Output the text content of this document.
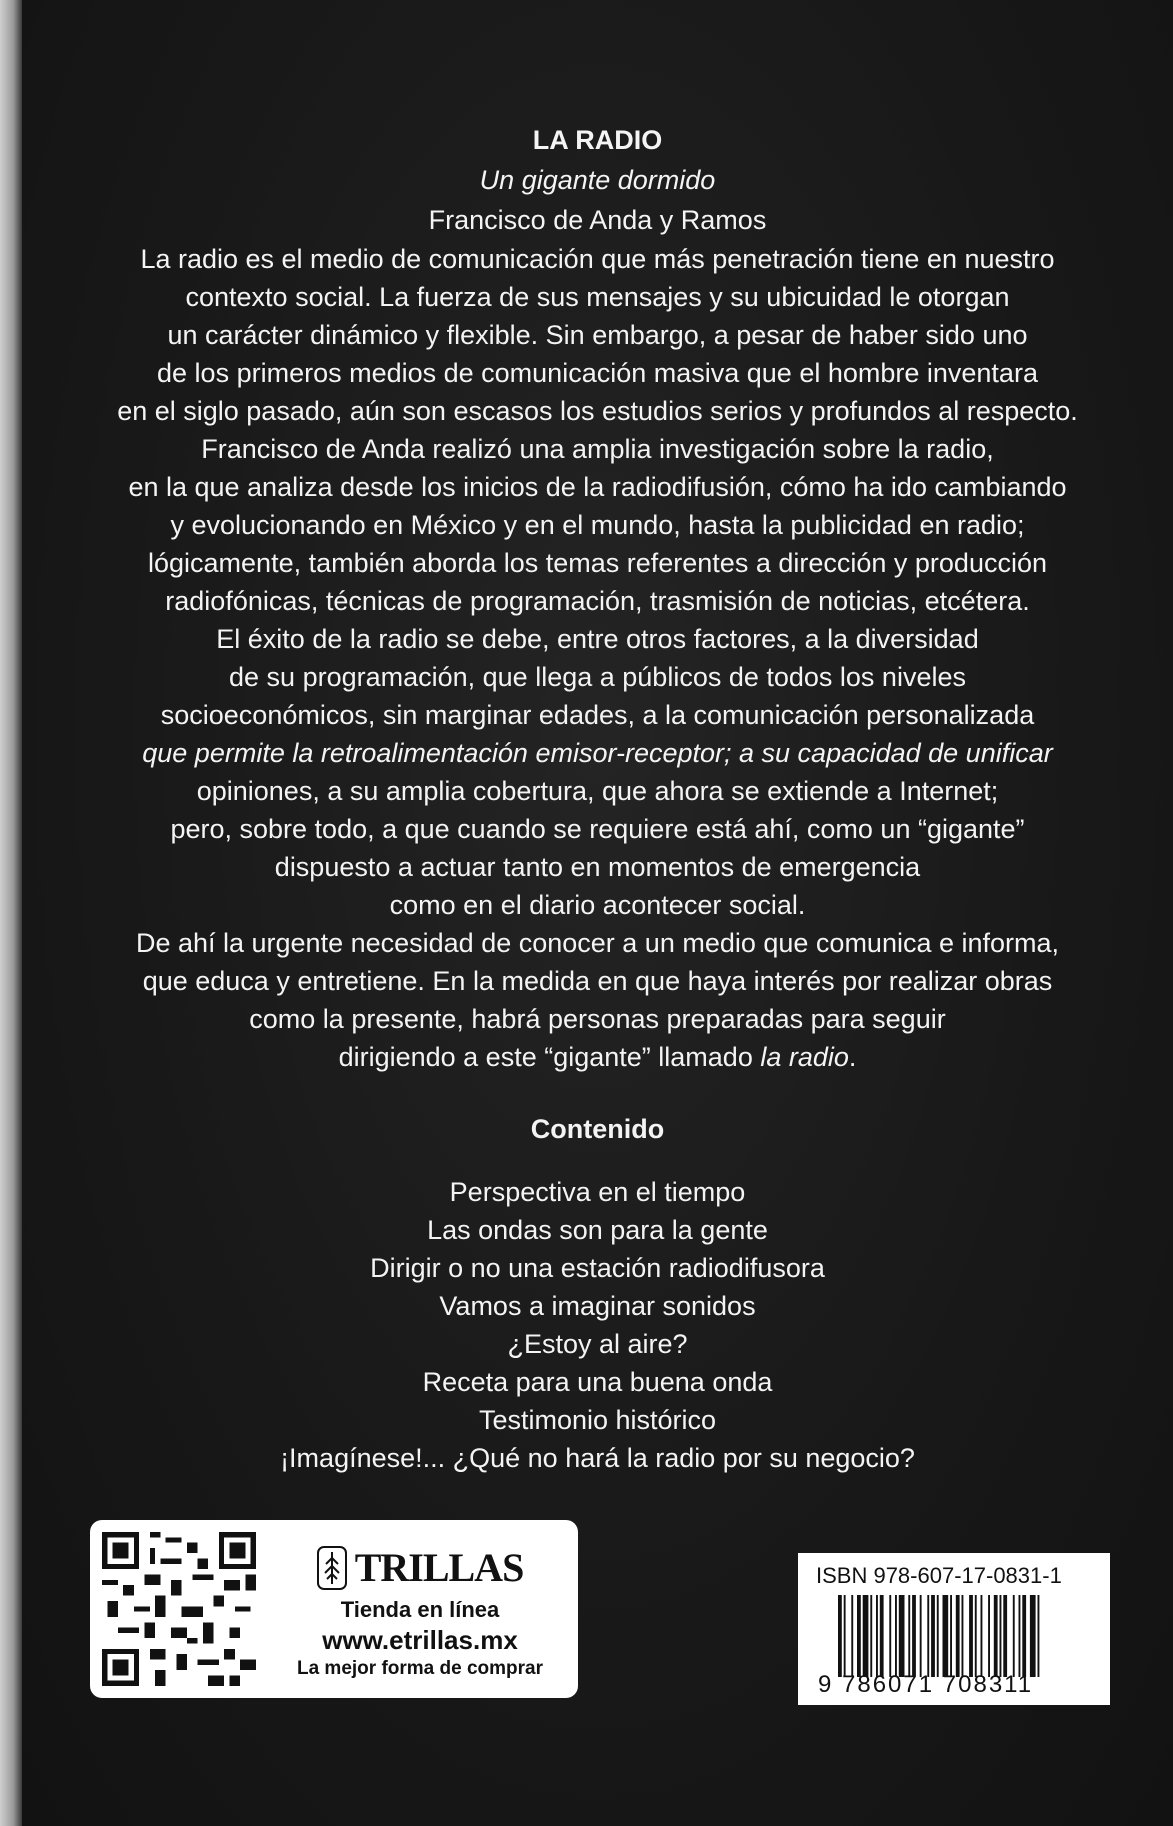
LA RADIO
Un gigante dormido
Francisco de Anda y Ramos

La radio es el medio de comunicación que más penetración tiene en nuestro
contexto social. La fuerza de sus mensajes y su ubicuidad le otorgan
un carácter dinámico y flexible. Sin embargo, a pesar de haber sido uno
de los primeros medios de comunicación masiva que el hombre inventara
en el siglo pasado, aún son escasos los estudios serios y profundos al respecto.
Francisco de Anda realizó una amplia investigación sobre la radio,
en la que analiza desde los inicios de la radiodifusión, cómo ha ido cambiando
y evolucionando en México y en el mundo, hasta la publicidad en radio;
lógicamente, también aborda los temas referentes a dirección y producción
radiofónicas, técnicas de programación, trasmisión de noticias, etcétera.
El éxito de la radio se debe, entre otros factores, a la diversidad
de su programación, que llega a públicos de todos los niveles
socioeconómicos, sin marginar edades, a la comunicación personalizada
que permite la retroalimentación emisor-receptor; a su capacidad de unificar
opiniones, a su amplia cobertura, que ahora se extiende a Internet;
pero, sobre todo, a que cuando se requiere está ahí, como un “gigante”
dispuesto a actuar tanto en momentos de emergencia
como en el diario acontecer social.
De ahí la urgente necesidad de conocer a un medio que comunica e informa,
que educa y entretiene. En la medida en que haya interés por realizar obras
como la presente, habrá personas preparadas para seguir
dirigiendo a este “gigante” llamado la radio.

Contenido
Perspectiva en el tiempo
Las ondas son para la gente
Dirigir o no una estación radiodifusora
Vamos a imaginar sonidos
¿Estoy al aire?
Receta para una buena onda
Testimonio histórico
¡Imagínese!... ¿Qué no hará la radio por su negocio?
TRILLAS
Tienda en línea
www.etrillas.mx
La mejor forma de comprar
ISBN 978-607-17-0831-1
9 786071 708311
